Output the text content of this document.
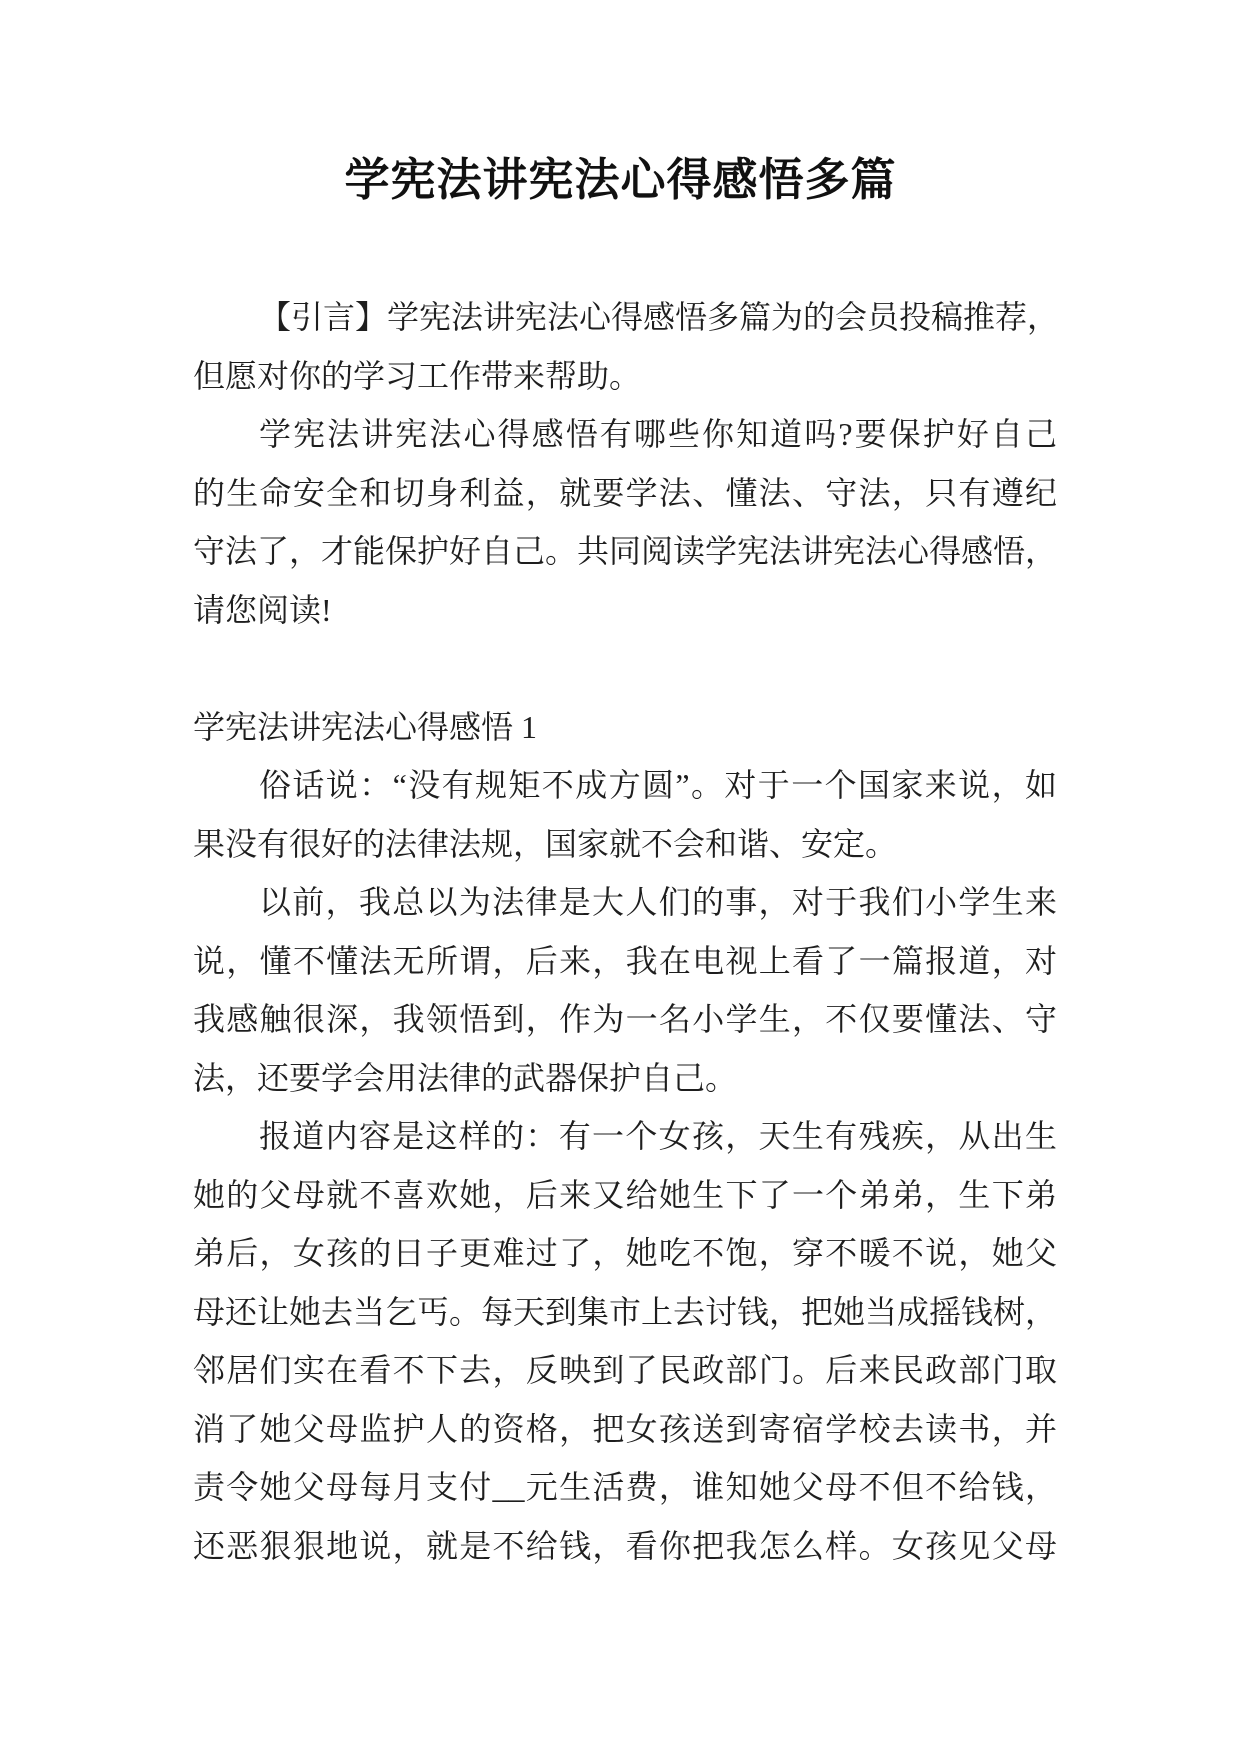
学宪法讲宪法心得感悟多篇
【引言】学宪法讲宪法心得感悟多篇为的会员投稿推荐，
但愿对你的学习工作带来帮助。
学宪法讲宪法心得感悟有哪些你知道吗?要保护好自己
的生命安全和切身利益，就要学法、懂法、守法，只有遵纪
守法了，才能保护好自己。共同阅读学宪法讲宪法心得感悟，
请您阅读!
学宪法讲宪法心得感悟 1
俗话说：“没有规矩不成方圆”。对于一个国家来说，如
果没有很好的法律法规，国家就不会和谐、安定。
以前，我总以为法律是大人们的事，对于我们小学生来
说，懂不懂法无所谓，后来，我在电视上看了一篇报道，对
我感触很深，我领悟到，作为一名小学生，不仅要懂法、守
法，还要学会用法律的武器保护自己。
报道内容是这样的：有一个女孩，天生有残疾，从出生
她的父母就不喜欢她，后来又给她生下了一个弟弟，生下弟
弟后，女孩的日子更难过了，她吃不饱，穿不暖不说，她父
母还让她去当乞丐。每天到集市上去讨钱，把她当成摇钱树，
邻居们实在看不下去，反映到了民政部门。后来民政部门取
消了她父母监护人的资格，把女孩送到寄宿学校去读书，并
责令她父母每月支付__元生活费，谁知她父母不但不给钱，
还恶狠狠地说，就是不给钱，看你把我怎么样。女孩见父母
